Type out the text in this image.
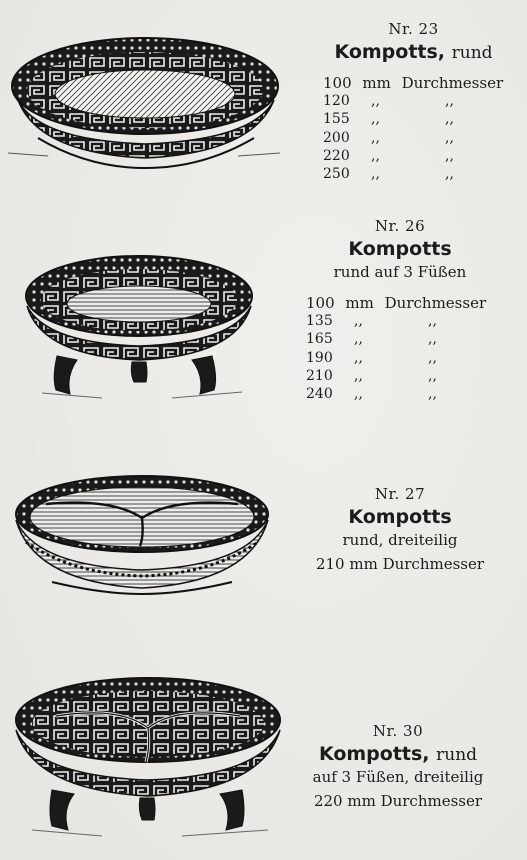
Nr. 23
Kompotts, rund
100 mm Durchmesser
120 ,,	,,
155 ,,	,,
200 ,,	,,
220 ,,	,,
250 ,,	,,
Nr. 26
Kompotts
rund auf 3 Füßen
100 mm Durchmesser
135 ,,	,,
165 ,,	,,
190 ,,	,,
210 ,,	,,
240 ,,	,,
Nr. 27
Kompotts
rund, dreiteilig
210 mm Durchmesser
Nr. 30
Kompotts, rund
auf 3 Füßen, dreiteilig
220 mm Durchmesser
